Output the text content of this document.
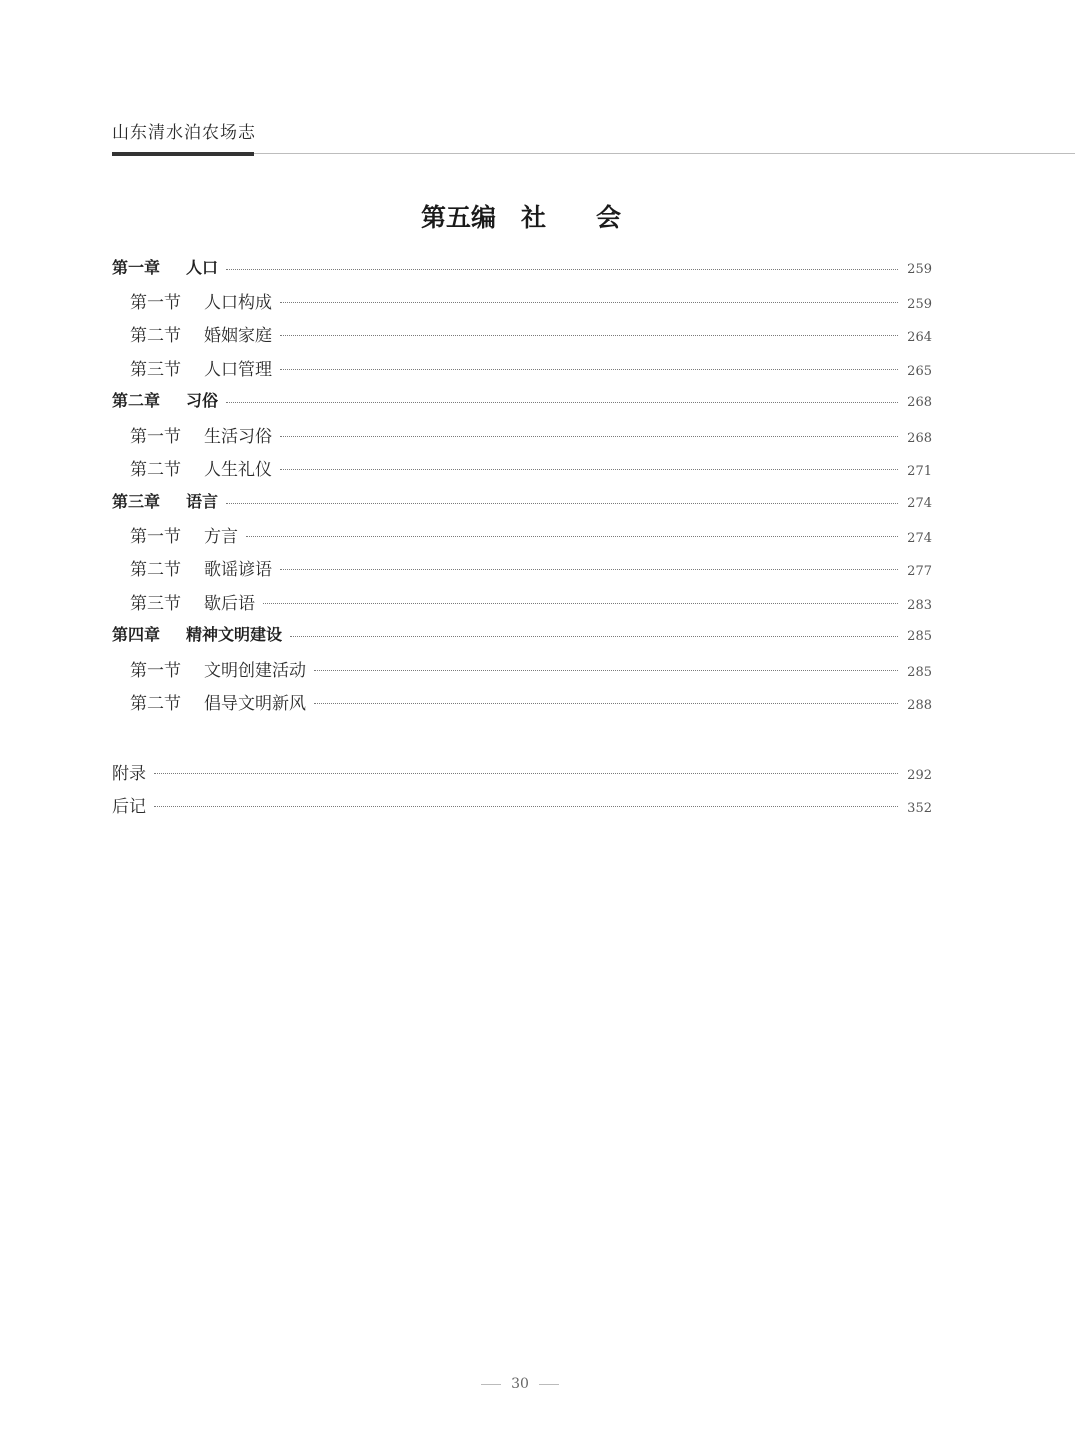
山东清水泊农场志
第五编　社　　会
第一章	人口	259
第一节	人口构成	259
第二节	婚姻家庭	264
第三节	人口管理	265
第二章	习俗	268
第一节	生活习俗	268
第二节	人生礼仪	271
第三章	语言	274
第一节	方言	274
第二节	歌谣谚语	277
第三节	歇后语	283
第四章	精神文明建设	285
第一节	文明创建活动	285
第二节	倡导文明新风	288
附录	292
后记	352
30
